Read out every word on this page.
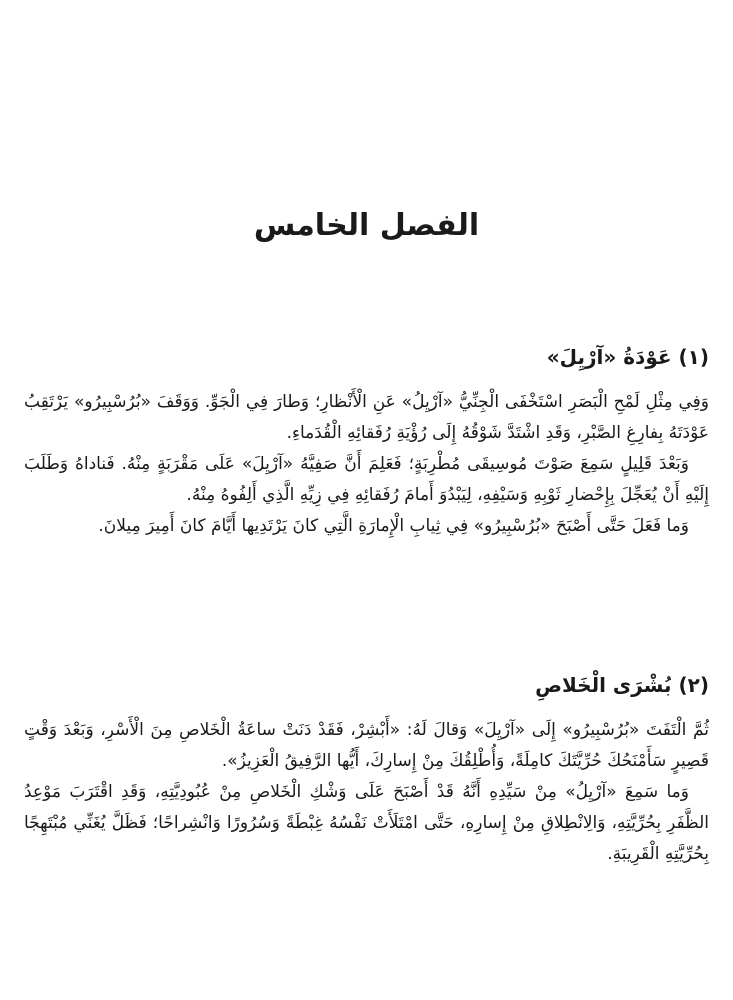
الفصل الخامس
(١) عَوْدَةُ «آرْيِلَ»

وَفِي مِثْلِ لَمْحِ الْبَصَرِ اسْتَخْفَى الْجِنِّيُّ «آرْيِلُ» عَنِ الْأَنْظارِ؛ وَطارَ فِي الْجَوِّ. وَوَقَفَ «بُرُسْبِيرُو» يَرْتَقِبُ عَوْدَتَهُ بِفارِغِ الصَّبْرِ، وَقَدِ اشْتَدَّ شَوْقُهُ إِلَى رُؤْيَةِ رُفَقائِهِ الْقُدَماءِ.

وَبَعْدَ قَلِيلٍ سَمِعَ صَوْتَ مُوسِيقَى مُطْرِبَةٍ؛ فَعَلِمَ أَنَّ صَفِيَّهُ «آرْيِلَ» عَلَى مَقْرَبَةٍ مِنْهُ. فَناداهُ وَطَلَبَ إِلَيْهِ أَنْ يُعَجِّلَ بِإِحْضارِ ثَوْبِهِ وَسَيْفِهِ، لِيَبْدُوَ أَمامَ رُفَقائِهِ فِي زِيِّهِ الَّذِي أَلِفُوهُ مِنْهُ.

وَما فَعَلَ حَتَّى أَصْبَحَ «بُرُسْبِيرُو» فِي ثِيابِ الْإِمارَةِ الَّتِي كانَ يَرْتَدِيها أَيَّامَ كانَ أَمِيرَ مِيلانَ.

(٢) بُشْرَى الْخَلاصِ

ثُمَّ الْتَفَتَ «بُرُسْبِيرُو» إِلَى «آرْيِلَ» وَقالَ لَهُ: «أَبْشِرْ، فَقَدْ دَنَتْ ساعَةُ الْخَلاصِ مِنَ الْأَسْرِ، وَبَعْدَ وَقْتٍ قَصِيرٍ سَأَمْنَحُكَ حُرِّيَّتَكَ كامِلَةً، وَأُطْلِقُكَ مِنْ إِسارِكَ، أَيُّها الرَّفِيقُ الْعَزِيزُ».

وَما سَمِعَ «آرْيِلُ» مِنْ سَيِّدِهِ أَنَّهُ قَدْ أَصْبَحَ عَلَى وَشْكِ الْخَلاصِ مِنْ عُبُودِيَّتِهِ، وَقَدِ اقْتَرَبَ مَوْعِدُ الظَّفَرِ بِحُرِّيَّتِهِ، وَالِانْطِلاقِ مِنْ إِسارِهِ، حَتَّى امْتَلَأَتْ نَفْسُهُ غِبْطَةً وَسُرُورًا وَانْشِراحًا؛ فَظَلَّ يُغَنِّي مُبْتَهِجًا بِحُرِّيَّتِهِ الْقَرِيبَةِ.
